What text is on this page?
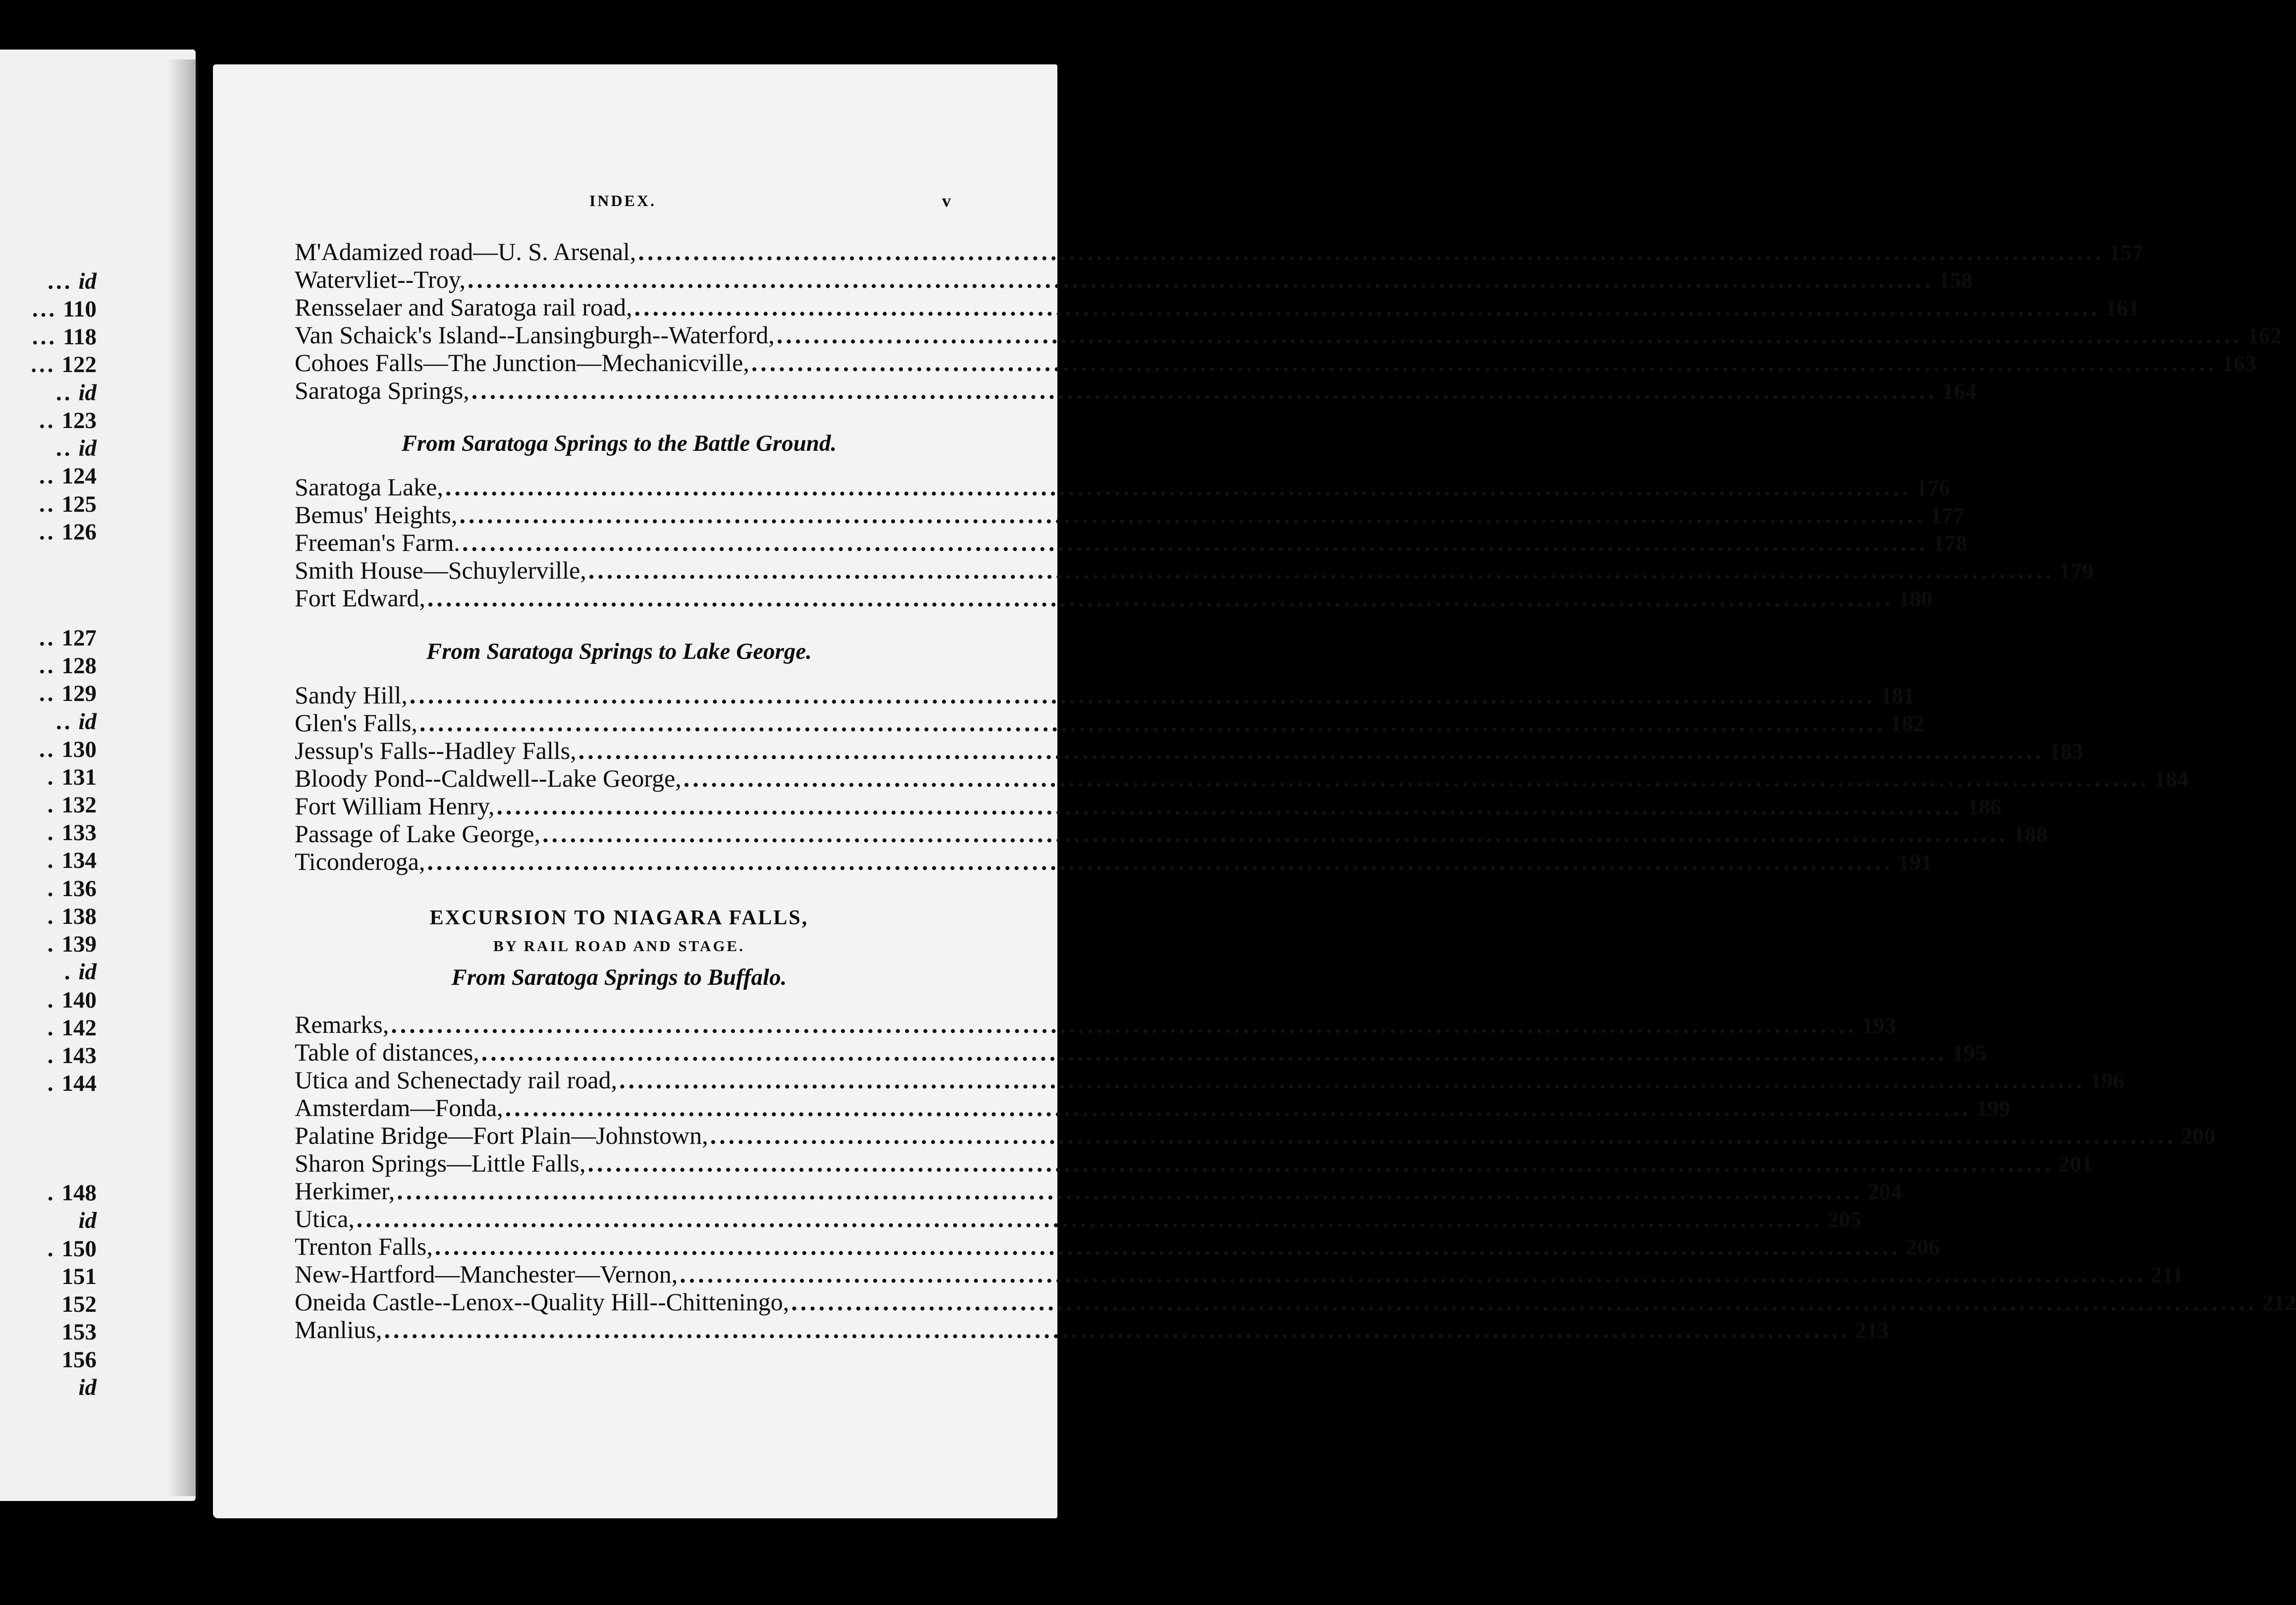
... id
... 110
... 118
... 122
.. id
.. 123
.. id
.. 124
.. 125
.. 126
.. 127
.. 128
.. 129
.. id
.. 130
. 131
. 132
. 133
. 134
. 136
. 138
. 139
. id
. 140
. 142
. 143
. 144
. 148
id
. 150
151
152
153
156
id
INDEX.	v
M'Adamized road—U. S. Arsenal, ................................................................................................................................................................ 157
Watervliet--Troy, ................................................................................................................................................................ 158
Rensselaer and Saratoga rail road, ................................................................................................................................................................ 161
Van Schaick's Island--Lansingburgh--Waterford, ................................................................................................................................................................ 162
Cohoes Falls—The Junction—Mechanicville, ................................................................................................................................................................ 163
Saratoga Springs, ................................................................................................................................................................ 164
From Saratoga Springs to the Battle Ground.
Saratoga Lake, ................................................................................................................................................................ 176
Bemus' Heights, ................................................................................................................................................................ 177
Freeman's Farm. ................................................................................................................................................................ 178
Smith House—Schuylerville, ................................................................................................................................................................ 179
Fort Edward, ................................................................................................................................................................ 180
From Saratoga Springs to Lake George.
Sandy Hill, ................................................................................................................................................................ 181
Glen's Falls, ................................................................................................................................................................ 182
Jessup's Falls--Hadley Falls, ................................................................................................................................................................ 183
Bloody Pond--Caldwell--Lake George, ................................................................................................................................................................ 184
Fort William Henry, ................................................................................................................................................................ 186
Passage of Lake George, ................................................................................................................................................................ 188
Ticonderoga, ................................................................................................................................................................ 191
EXCURSION TO NIAGARA FALLS,
BY RAIL ROAD AND STAGE.
From Saratoga Springs to Buffalo.
Remarks, ................................................................................................................................................................ 193
Table of distances, ................................................................................................................................................................ 195
Utica and Schenectady rail road, ................................................................................................................................................................ 196
Amsterdam—Fonda, ................................................................................................................................................................ 199
Palatine Bridge—Fort Plain—Johnstown, ................................................................................................................................................................ 200
Sharon Springs—Little Falls, ................................................................................................................................................................ 201
Herkimer, ................................................................................................................................................................ 204
Utica, ................................................................................................................................................................ 205
Trenton Falls, ................................................................................................................................................................ 206
New-Hartford—Manchester—Vernon, ................................................................................................................................................................ 211
Oneida Castle--Lenox--Quality Hill--Chitteningo, ................................................................................................................................................................ 212
Manlius, ................................................................................................................................................................ 213
